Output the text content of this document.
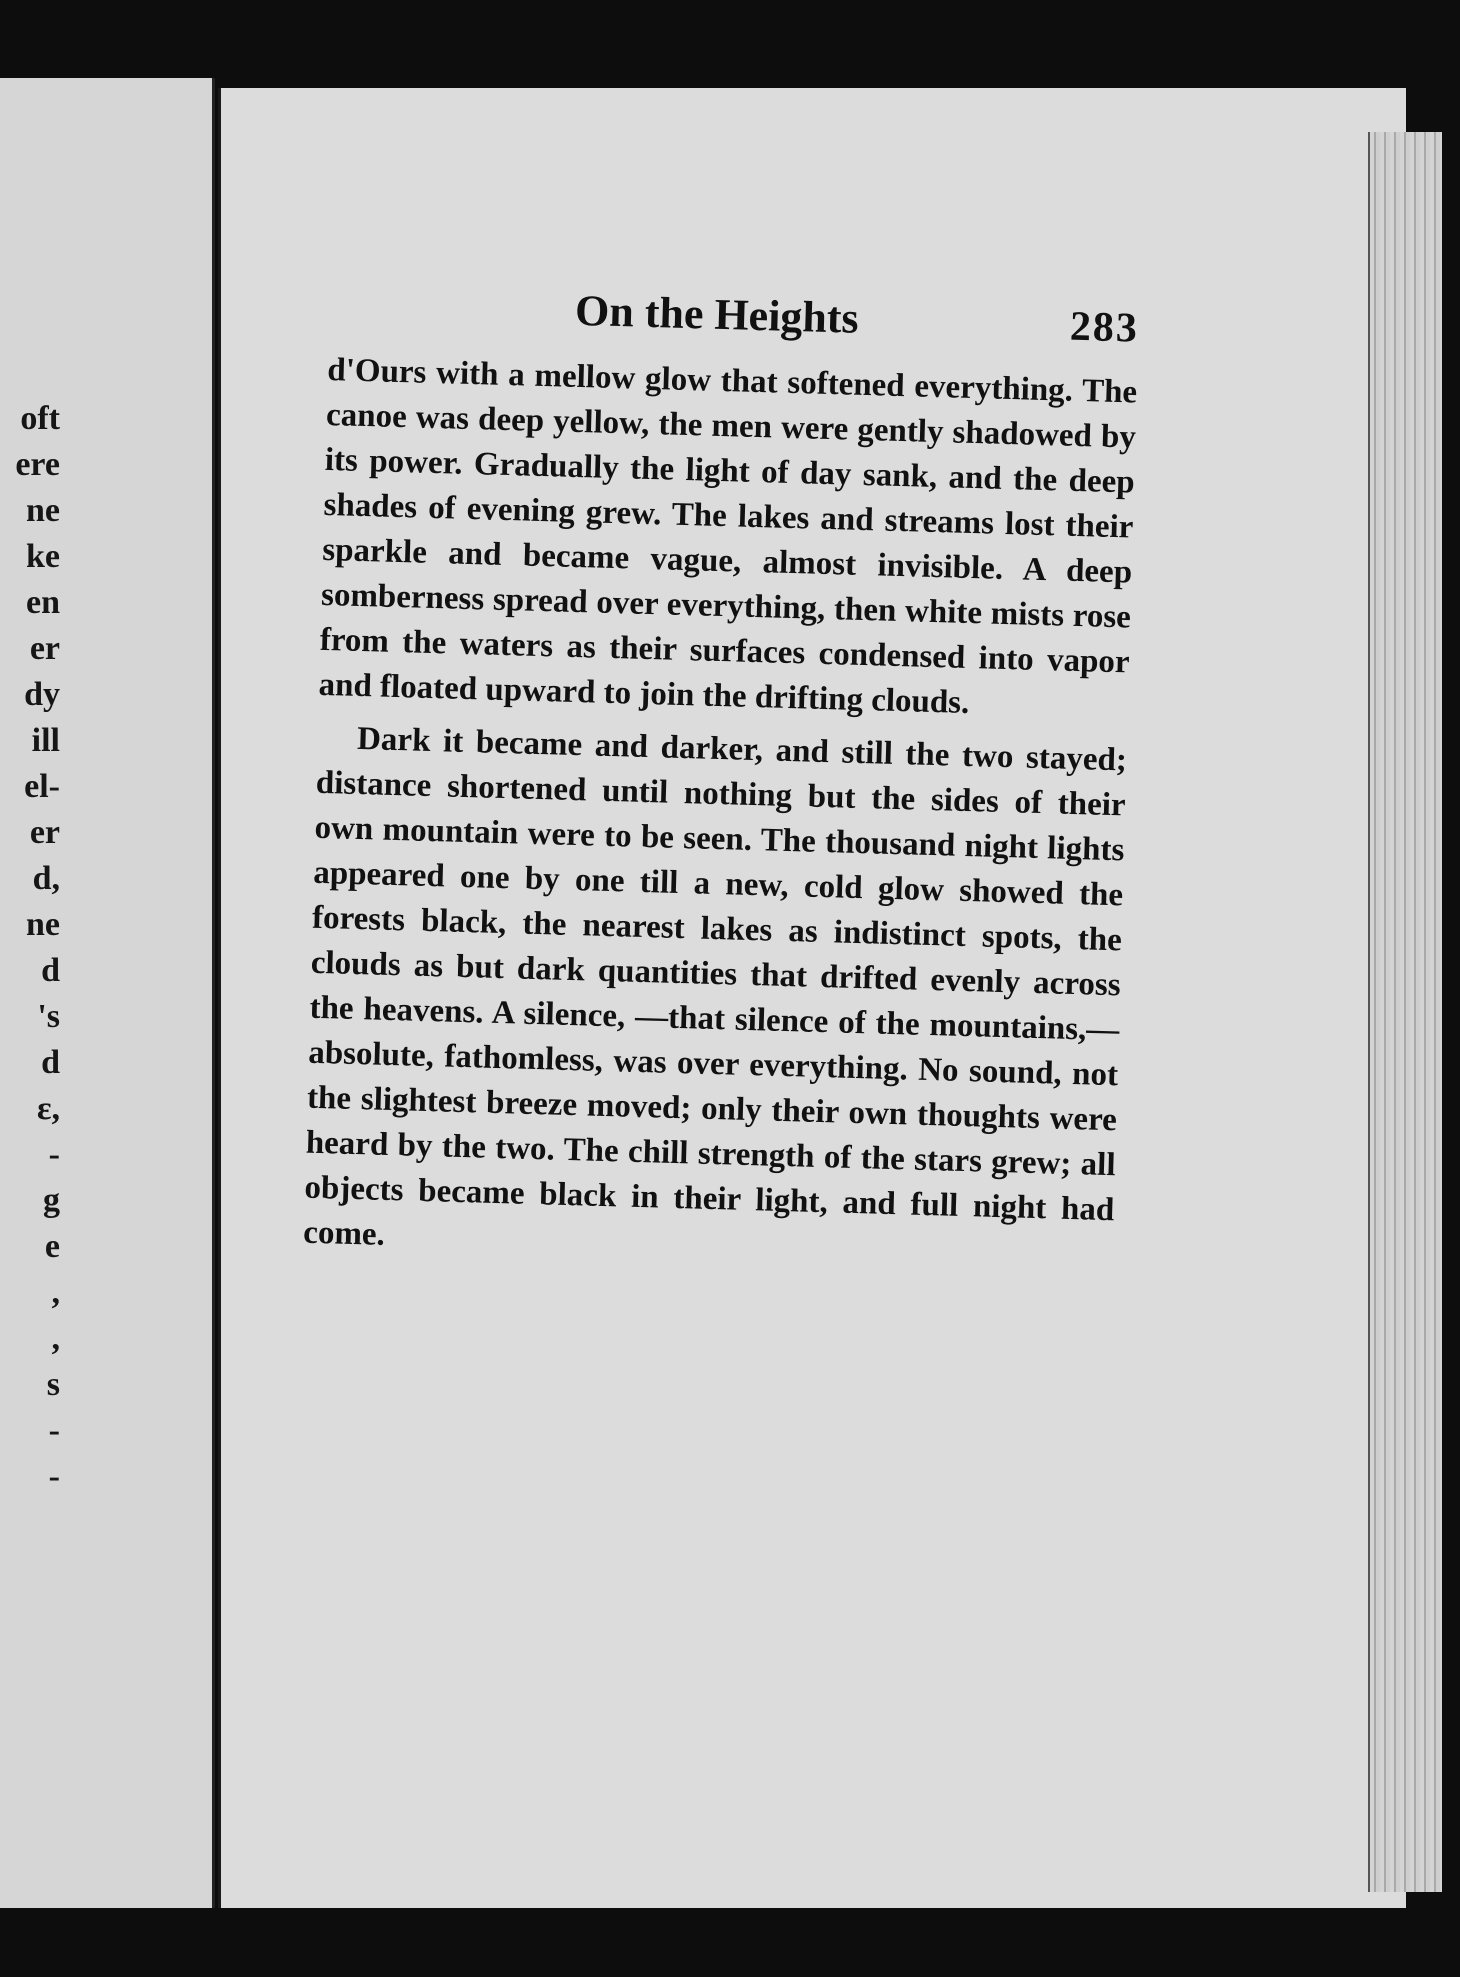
oft
ere
ne
ke
en
er
dy
ill
el-
er
d,
ne
d
's
d
ε,
-
g
e
,
,
s
-
-
On the Heights	283

d'Ours with a mellow glow that softened everything. The canoe was deep yellow, the men were gently shadowed by its power. Gradually the light of day sank, and the deep shades of evening grew. The lakes and streams lost their sparkle and became vague, almost invisible. A deep somberness spread over everything, then white mists rose from the waters as their surfaces condensed into vapor and floated upward to join the drifting clouds.

Dark it became and darker, and still the two stayed; distance shortened until nothing but the sides of their own mountain were to be seen. The thousand night lights appeared one by one till a new, cold glow showed the forests black, the nearest lakes as indistinct spots, the clouds as but dark quantities that drifted evenly across the heavens. A silence, —that silence of the mountains,—absolute, fathomless, was over everything. No sound, not the slightest breeze moved; only their own thoughts were heard by the two. The chill strength of the stars grew; all objects became black in their light, and full night had come.
